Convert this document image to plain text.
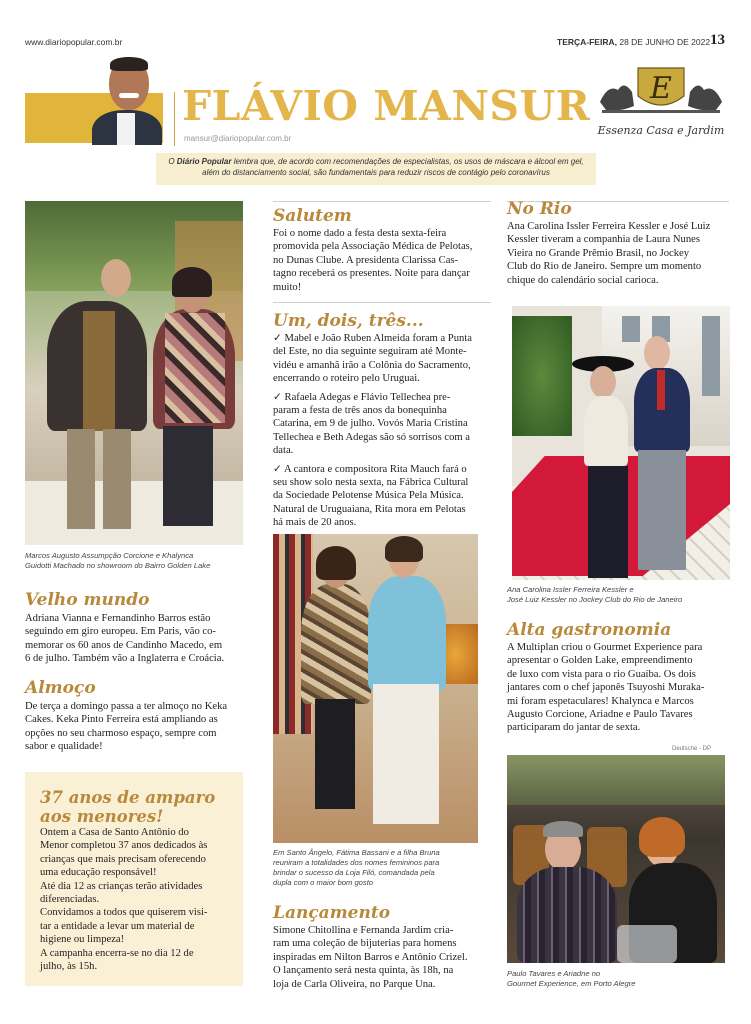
www.diariopopular.com.br	TERÇA-FEIRA, 28 DE JUNHO DE 2022 13
FLÁVIO MANSUR
mansur@diariopopular.com.br
E
Essenza Casa e Jardim
O Diário Popular lembra que, de acordo com recomendações de especialistas, os usos de máscara e álcool em gel,
além do distanciamento social, são fundamentais para reduzir riscos de contágio pelo coronavírus
Marcos Augusto Assumpção Corcione e Khalynca
Guidotti Machado no showroom do Bairro Golden Lake
Velho mundo
Adriana Vianna e Fernandinho Barros estão
seguindo em giro europeu. Em Paris, vão co-
memorar os 60 anos de Candinho Macedo, em
6 de julho. Também vão a Inglaterra e Croácia.
Almoço
De terça a domingo passa a ter almoço no Keka
Cakes. Keka Pinto Ferreira está ampliando as
opções no seu charmoso espaço, sempre com
sabor e qualidade!
37 anos de amparo
aos menores!
Ontem a Casa de Santo Antônio do
Menor completou 37 anos dedicados às
crianças que mais precisam oferecendo
uma educação responsável!
Até dia 12 as crianças terão atividades
diferenciadas.
Convidamos a todos que quiserem visi-
tar a entidade a levar um material de
higiene ou limpeza!
A campanha encerra-se no dia 12 de
julho, às 15h.
Salutem
Foi o nome dado a festa desta sexta-feira
promovida pela Associação Médica de Pelotas,
no Dunas Clube. A presidenta Clarissa Cas-
tagno receberá os presentes. Noite para dançar
muito!
Um, dois, três...
✓ Mabel e João Ruben Almeida foram a Punta
del Este, no dia seguinte seguiram até Monte-
vidéu e amanhã irão a Colônia do Sacramento,
encerrando o roteiro pelo Uruguai.
✓ Rafaela Adegas e Flávio Tellechea pre-
param a festa de três anos da bonequinha
Catarina, em 9 de julho. Vovós Maria Cristina
Tellechea e Beth Adegas são só sorrisos com a
data.
✓ A cantora e compositora Rita Mauch fará o
seu show solo nesta sexta, na Fábrica Cultural
da Sociedade Pelotense Música Pela Música.
Natural de Uruguaiana, Rita mora em Pelotas
há mais de 20 anos.
Em Santo Ângelo, Fátima Bassani e a filha Bruna
reuniram a totalidades dos nomes femininos para
brindar o sucesso da Loja Filó, comandada pela
dupla com o maior bom gosto
Lançamento
Simone Chitollina e Fernanda Jardim cria-
ram uma coleção de bijuterias para homens
inspiradas em Nilton Barros e Antônio Crizel.
O lançamento será nesta quinta, às 18h, na
loja de Carla Oliveira, no Parque Una.
No Rio
Ana Carolina Issler Ferreira Kessler e José Luiz
Kessler tiveram a companhia de Laura Nunes
Vieira no Grande Prêmio Brasil, no Jockey
Club do Rio de Janeiro. Sempre um momento
chique do calendário social carioca.
Ana Carolina Issler Ferreira Kessler e
José Luiz Kessler no Jockey Club do Rio de Janeiro
Alta gastronomia
A Multiplan criou o Gourmet Experience para
apresentar o Golden Lake, empreendimento
de luxo com vista para o rio Guaíba. Os dois
jantares com o chef japonês Tsuyoshi Muraka-
mi foram espetaculares! Khalynca e Marcos
Augusto Corcione, Ariadne e Paulo Tavares
participaram do jantar de sexta.
Deutsche - DP
Paulo Tavares e Ariadne no
Gourmet Experience, em Porto Alegre
